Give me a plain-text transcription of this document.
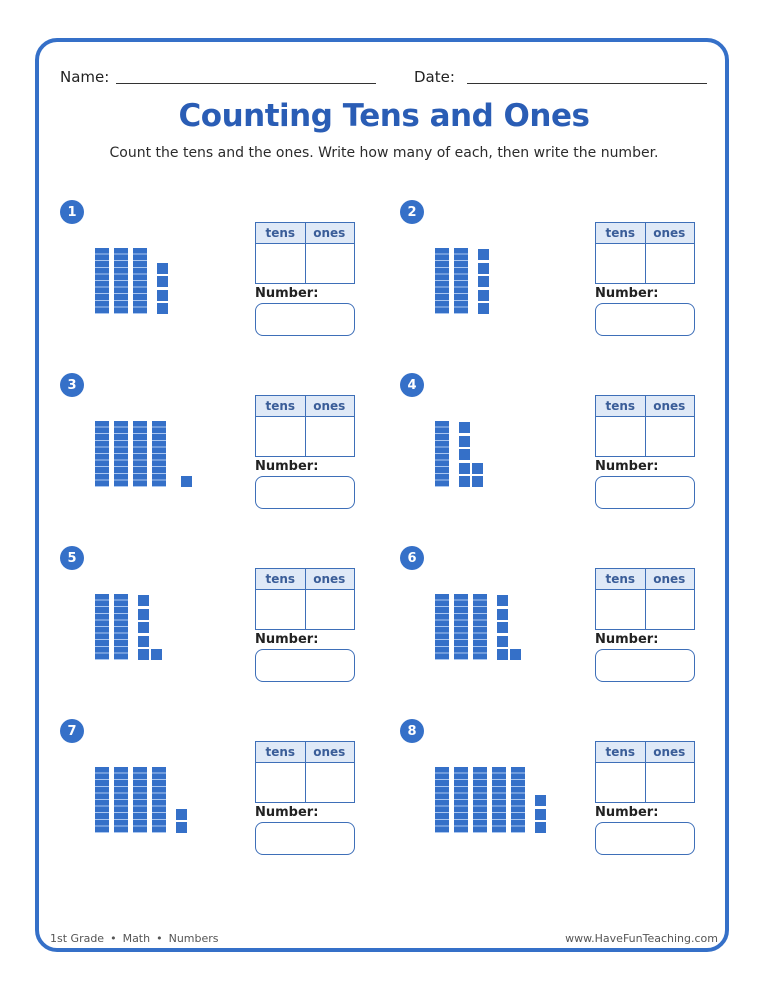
Name:	Date:
Counting Tens and Ones
Count the tens and the ones. Write how many of each, then write the number.
1
tens	ones
Number:
2
tens	ones
Number:
3
tens	ones
Number:
4
tens	ones
Number:
5
tens	ones
Number:
6
tens	ones
Number:
7
tens	ones
Number:
8
tens	ones
Number:
1st Grade • Math • Numbers	www.HaveFunTeaching.com
